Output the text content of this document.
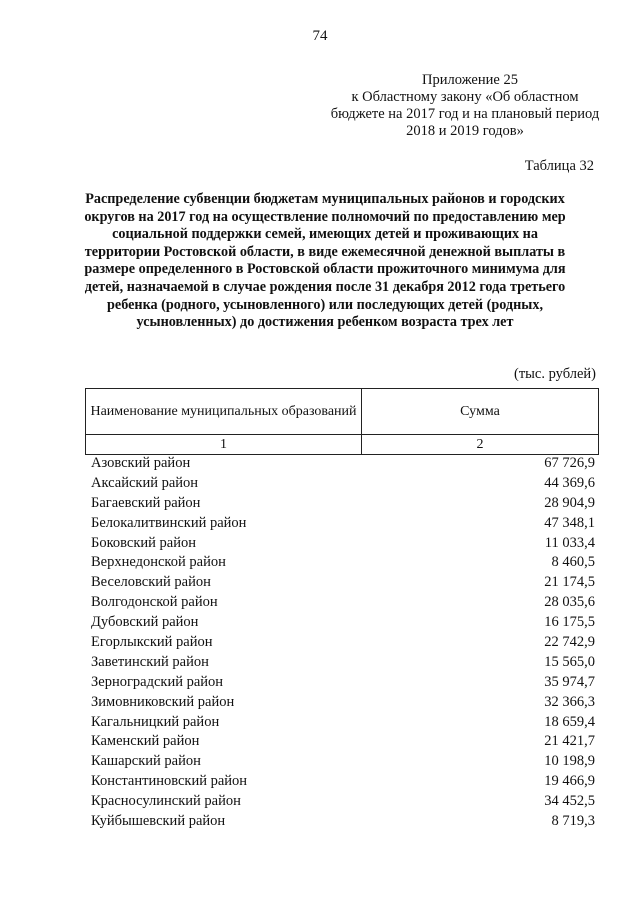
74
Приложение 25
к Областному закону «Об областном бюджете на 2017 год и на плановый период 2018 и 2019 годов»
Таблица 32
Распределение субвенции бюджетам муниципальных районов и городских округов на 2017 год на осуществление полномочий по предоставлению мер социальной поддержки семей, имеющих детей и проживающих на территории Ростовской области, в виде ежемесячной денежной выплаты в размере определенного в Ростовской области прожиточного минимума для детей, назначаемой в случае рождения после 31 декабря 2012 года третьего ребенка (родного, усыновленного) или последующих детей (родных, усыновленных) до достижения ребенком возраста трех лет
(тыс. рублей)
Наименование муниципальных образований	Сумма
1	2
Азовский район	67 726,9
Аксайский район	44 369,6
Багаевский район	28 904,9
Белокалитвинский район	47 348,1
Боковский район	11 033,4
Верхнедонской район	8 460,5
Веселовский район	21 174,5
Волгодонской район	28 035,6
Дубовский район	16 175,5
Егорлыкский район	22 742,9
Заветинский район	15 565,0
Зерноградский район	35 974,7
Зимовниковский район	32 366,3
Кагальницкий район	18 659,4
Каменский район	21 421,7
Кашарский район	10 198,9
Константиновский район	19 466,9
Красносулинский район	34 452,5
Куйбышевский район	8 719,3
